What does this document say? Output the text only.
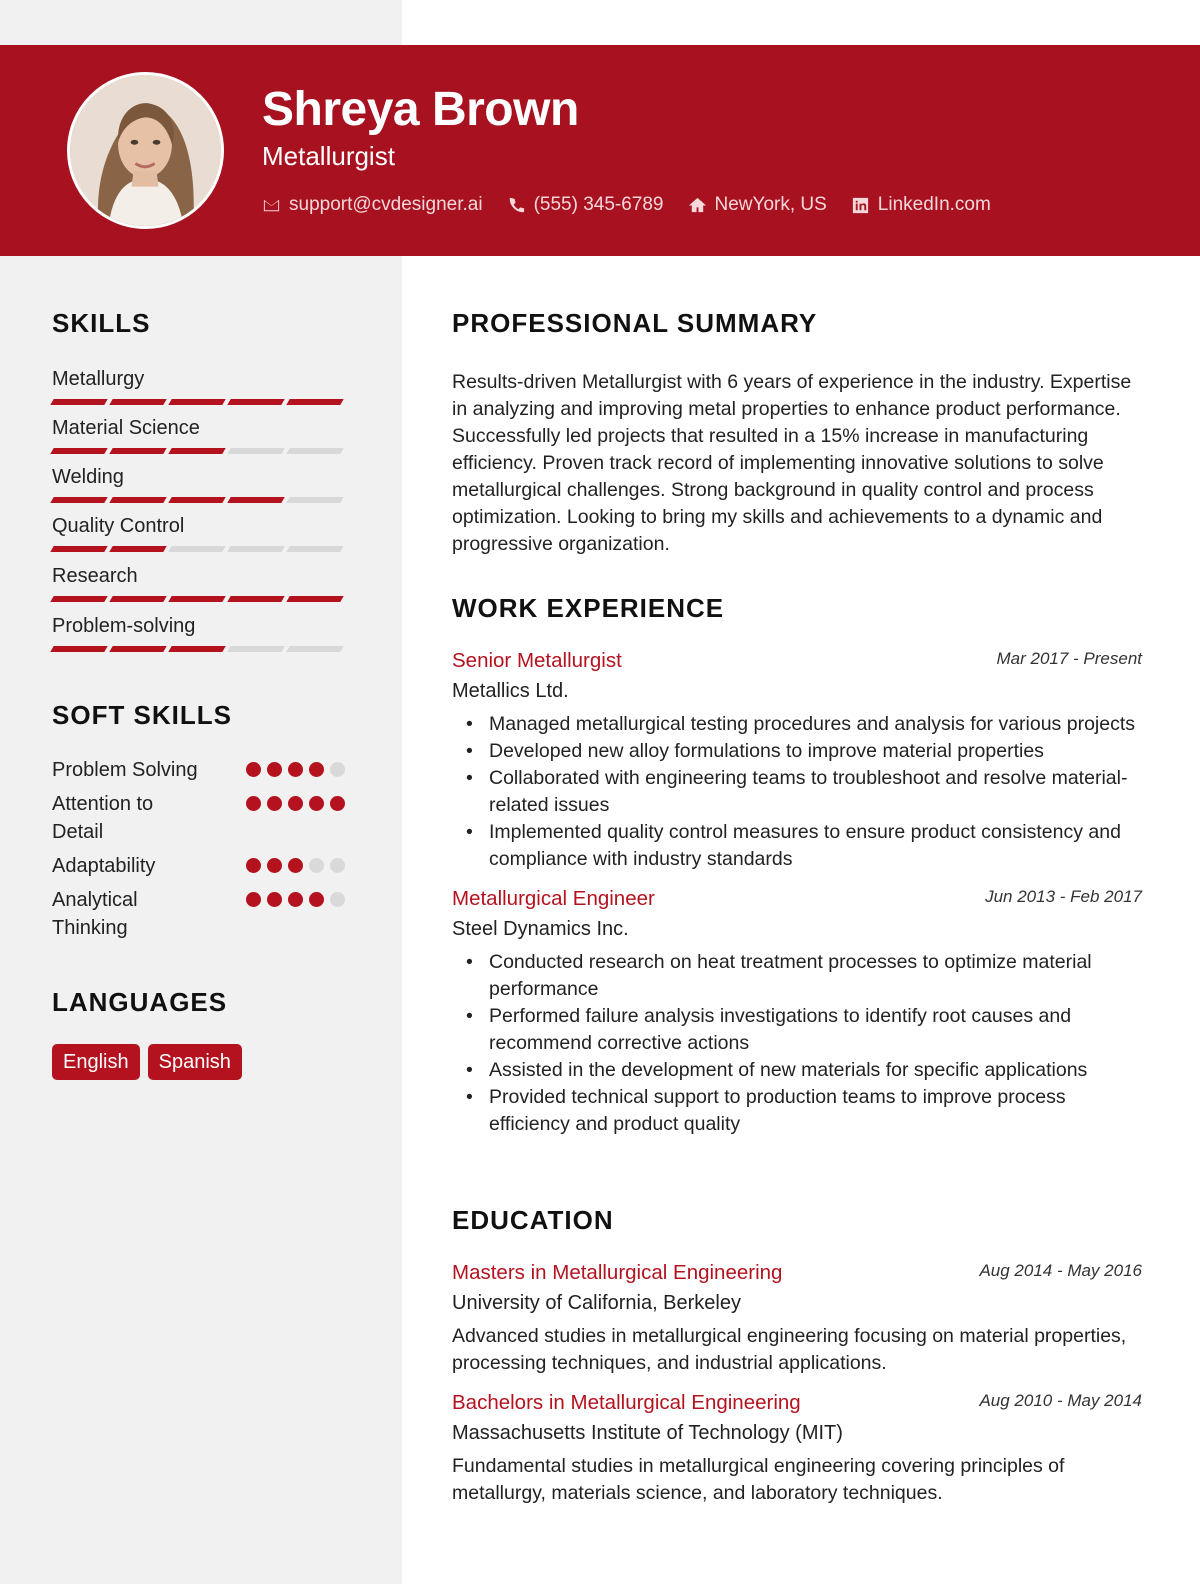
Shreya Brown
Metallurgist
support@cvdesigner.ai	(555) 345-6789	NewYork, US	LinkedIn.com
SKILLS
Metallurgy
Material Science
Welding
Quality Control
Research
Problem-solving
SOFT SKILLS
Problem Solving
Attention to Detail
Adaptability
Analytical Thinking
LANGUAGES
English	Spanish
PROFESSIONAL SUMMARY

Results-driven Metallurgist with 6 years of experience in the industry. Expertise in analyzing and improving metal properties to enhance product performance. Successfully led projects that resulted in a 15% increase in manufacturing efficiency. Proven track record of implementing innovative solutions to solve metallurgical challenges. Strong background in quality control and process optimization. Looking to bring my skills and achievements to a dynamic and progressive organization.

WORK EXPERIENCE
Senior Metallurgist	Mar 2017 - Present
Metallics Ltd.
• Managed metallurgical testing procedures and analysis for various projects
• Developed new alloy formulations to improve material properties
• Collaborated with engineering teams to troubleshoot and resolve material-related issues
• Implemented quality control measures to ensure product consistency and compliance with industry standards
Metallurgical Engineer	Jun 2013 - Feb 2017
Steel Dynamics Inc.
• Conducted research on heat treatment processes to optimize material performance
• Performed failure analysis investigations to identify root causes and recommend corrective actions
• Assisted in the development of new materials for specific applications
• Provided technical support to production teams to improve process efficiency and product quality
EDUCATION
Masters in Metallurgical Engineering	Aug 2014 - May 2016
University of California, Berkeley

Advanced studies in metallurgical engineering focusing on material properties, processing techniques, and industrial applications.

Bachelors in Metallurgical Engineering	Aug 2010 - May 2014
Massachusetts Institute of Technology (MIT)

Fundamental studies in metallurgical engineering covering principles of metallurgy, materials science, and laboratory techniques.
